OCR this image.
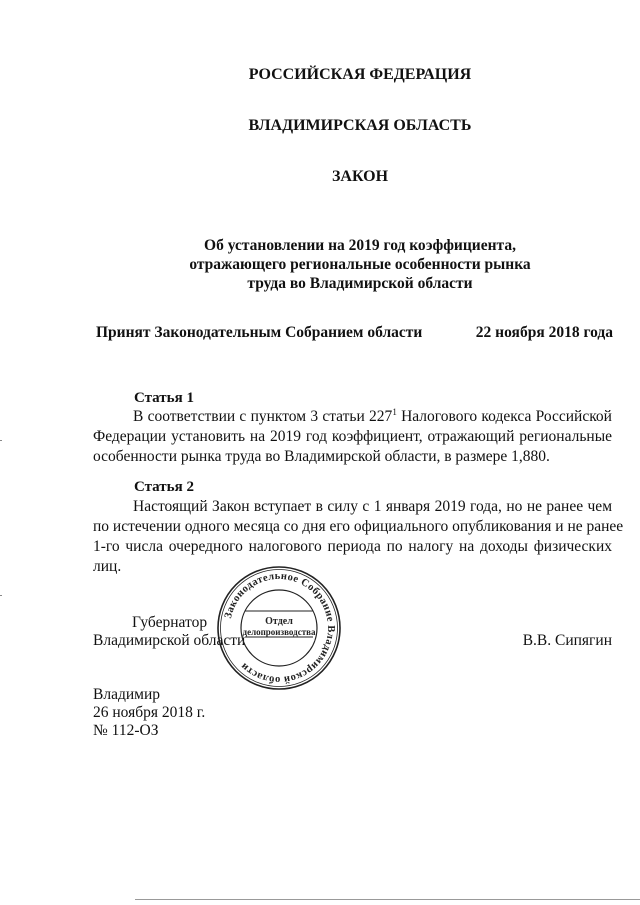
РОССИЙСКАЯ ФЕДЕРАЦИЯ
ВЛАДИМИРСКАЯ ОБЛАСТЬ
ЗАКОН
Об установлении на 2019 год коэффициента,
отражающего региональные особенности рынка
труда во Владимирской области
Принят Законодательным Собранием области	22 ноября 2018 года
Статья 1
В соответствии с пунктом 3 статьи $227^1$ Налогового кодекса Российской
Федерации установить на 2019 год коэффициент, отражающий региональные
особенности рынка труда во Владимирской области, в размере 1,880.
Статья 2
Настоящий Закон вступает в силу с 1 января 2019 года, но не ранее чем
по истечении одного месяца со дня его официального опубликования и не ранее
1-го числа очередного налогового периода по налогу на доходы физических
лиц.
Губернатор
Владимирской области	В.В. Сипягин
Законодательное Собрание Владимирской области
Отдел
делопроизводства
Владимир
26 ноября 2018 г.
№ 112-ОЗ
